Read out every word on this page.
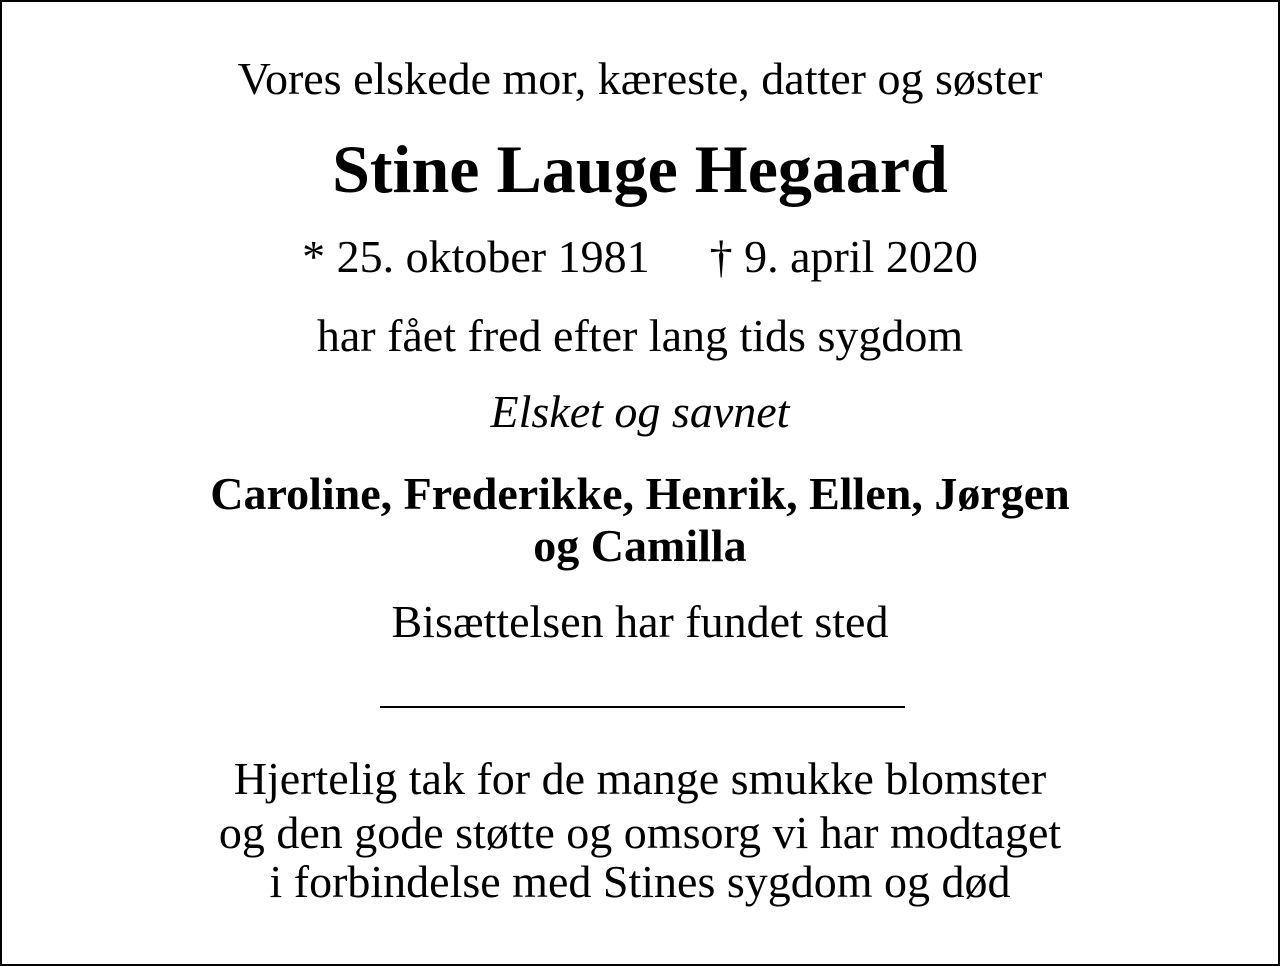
Vores elskede mor, kæreste, datter og søster
Stine Lauge Hegaard
* 25. oktober 1981 † 9. april 2020
har fået fred efter lang tids sygdom
Elsket og savnet
Caroline, Frederikke, Henrik, Ellen, Jørgen
og Camilla
Bisættelsen har fundet sted
Hjertelig tak for de mange smukke blomster
og den gode støtte og omsorg vi har modtaget
i forbindelse med Stines sygdom og død
